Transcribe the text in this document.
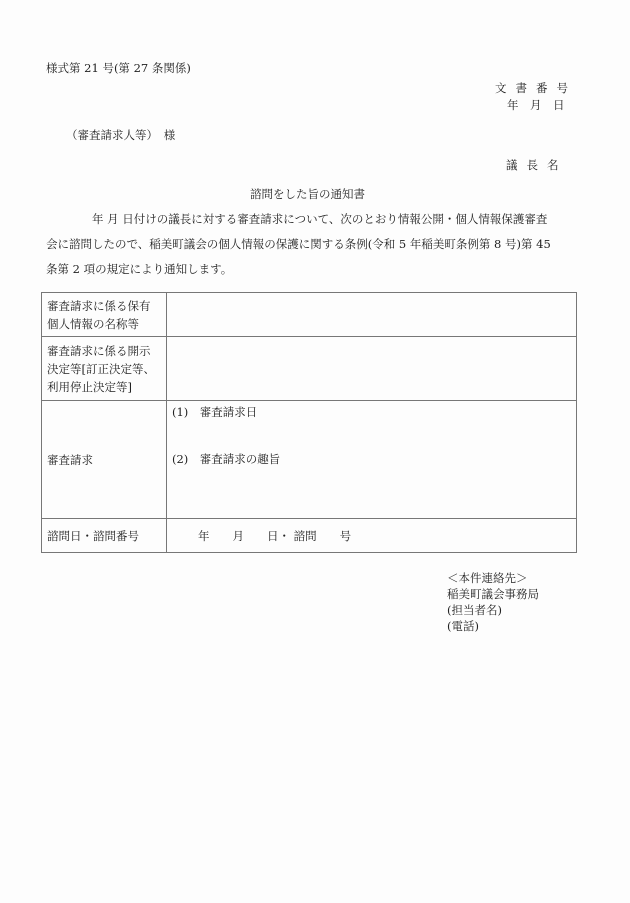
様式第 21 号(第 27 条関係)
文書番号
年　月　日
（審査請求人等）　様
議長名
諮問をした旨の通知書
年 月 日付けの議長に対する審査請求について、次のとおり情報公開・個人情報保護審査
会に諮問したので、稲美町議会の個人情報の保護に関する条例(令和 5 年稲美町条例第 8 号)第 45
条第 2 項の規定により通知します。
審査請求に係る保有
個人情報の名称等	

審査請求に係る開示
決定等[訂正決定等、
利用停止決定等]	

審査請求	(1)　審査請求日
(2)　審査請求の趣旨

諮問日・諮問番号	年　　月　　日・ 諮問　　号
＜本件連絡先＞
稲美町議会事務局
(担当者名)
(電話)
